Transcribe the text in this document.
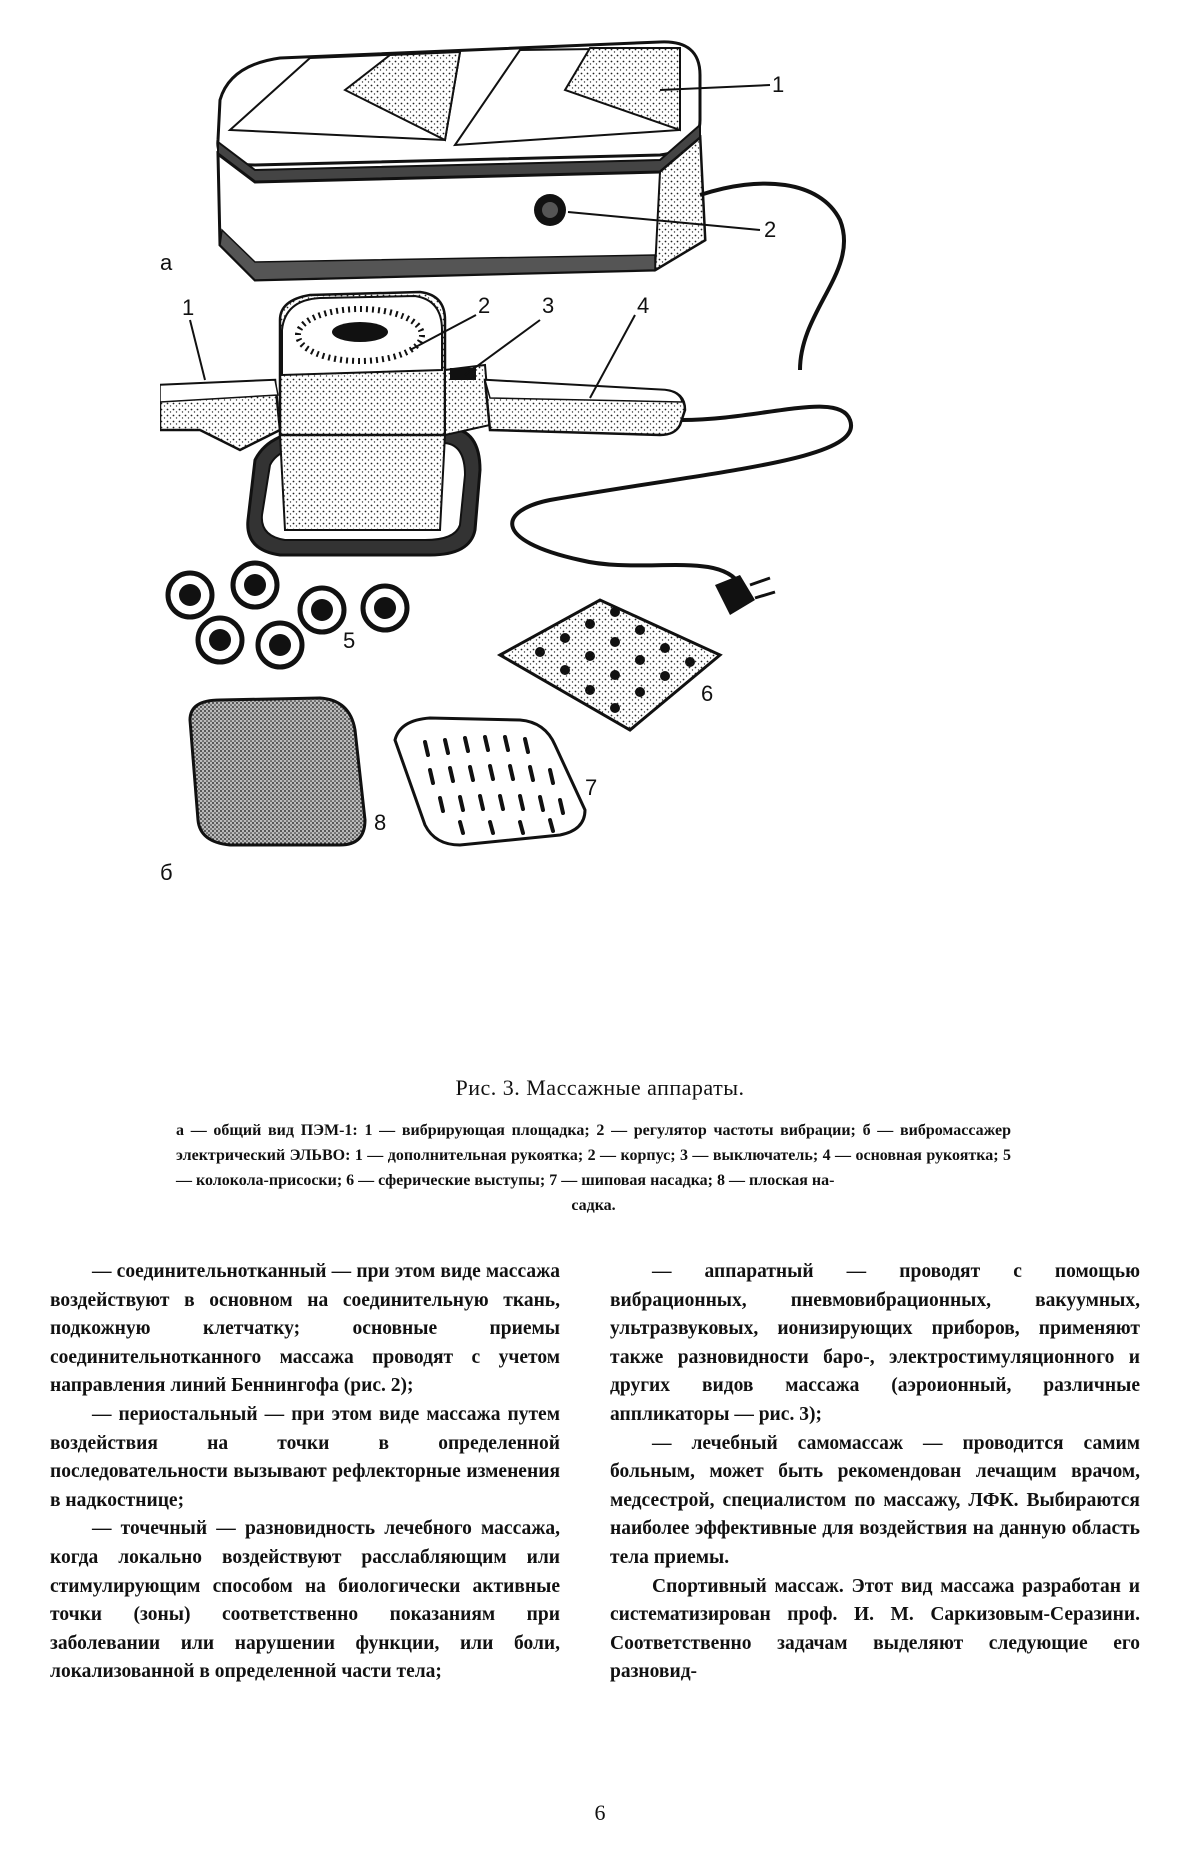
1
2
а
1	2 3	4
5
6
8
7
б
Рис. 3. Массажные аппараты.
а — общий вид ПЭМ-1: 1 — вибрирующая площадка; 2 — регулятор частоты вибрации; б — вибромассажер электрический ЭЛЬВО: 1 — дополнительная рукоятка; 2 — корпус; 3 — выключатель; 4 — основная рукоятка; 5 — колокола-присоски; 6 — сферические выступы; 7 — шиповая насадка; 8 — плоская на-
садка.

— соединительнотканный — при этом виде массажа воздействуют в основном на соединительную ткань, подкожную клетчатку; основные приемы соединительнотканного массажа проводят с учетом направления линий Беннингофа (рис. 2);

— периостальный — при этом виде массажа путем воздействия на точки в определенной последовательности вызывают рефлекторные изменения в надкостнице;

— точечный — разновидность лечебного массажа, когда локально воздействуют расслабляющим или стимулирующим способом на биологически активные точки (зоны) соответственно показаниям при заболевании или нарушении функции, или боли, локализованной в определенной части тела;

— аппаратный — проводят с помощью вибрационных, пневмовибрационных, вакуумных, ультразвуковых, ионизирующих приборов, применяют также разновидности баро-, электростимуляционного и других видов массажа (аэроионный, различные аппликаторы — рис. 3);

— лечебный самомассаж — проводится самим больным, может быть рекомендован лечащим врачом, медсестрой, специалистом по массажу, ЛФК. Выбираются наиболее эффективные для воздействия на данную область тела приемы.

Спортивный массаж. Этот вид массажа разработан и систематизирован проф. И. М. Саркизовым-Серазини. Соответственно задачам выделяют следующие его разновид-

6
